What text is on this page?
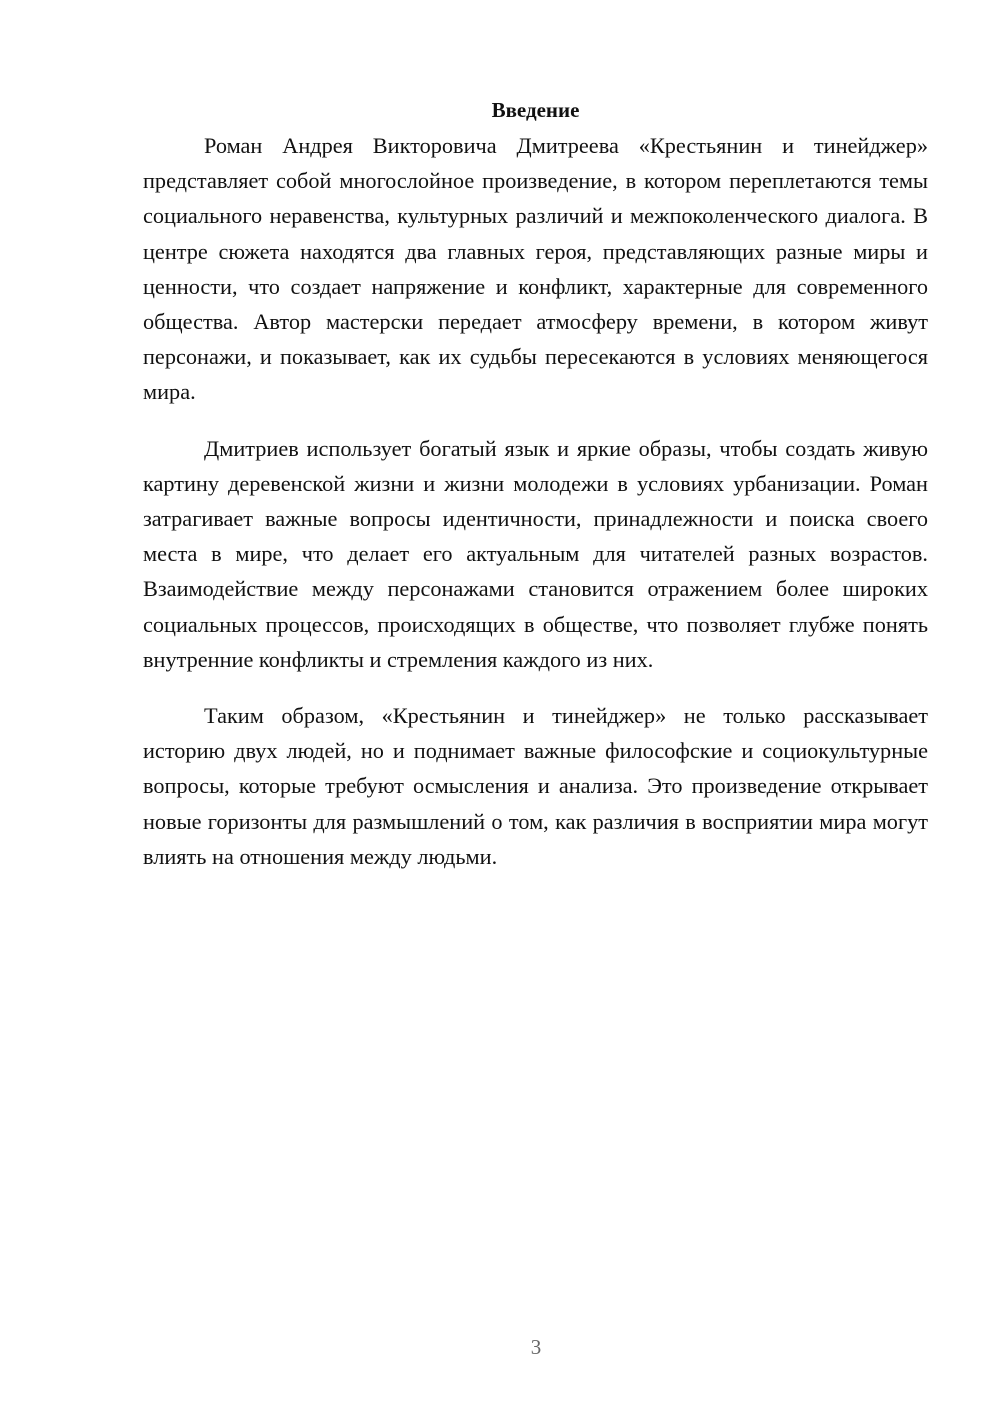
Введение

Роман Андрея Викторовича Дмитреева «Крестьянин и тинейджер» представляет собой многослойное произведение, в котором переплетаются темы социального неравенства, культурных различий и межпоколенческого диалога. В центре сюжета находятся два главных героя, представляющих разные миры и ценности, что создает напряжение и конфликт, характерные для современного общества. Автор мастерски передает атмосферу времени, в котором живут персонажи, и показывает, как их судьбы пересекаются в условиях меняющегося мира.

Дмитриев использует богатый язык и яркие образы, чтобы создать живую картину деревенской жизни и жизни молодежи в условиях урбанизации. Роман затрагивает важные вопросы идентичности, принадлежности и поиска своего места в мире, что делает его актуальным для читателей разных возрастов. Взаимодействие между персонажами становится отражением более широких социальных процессов, происходящих в обществе, что позволяет глубже понять внутренние конфликты и стремления каждого из них.

Таким образом, «Крестьянин и тинейджер» не только рассказывает историю двух людей, но и поднимает важные философские и социокультурные вопросы, которые требуют осмысления и анализа. Это произведение открывает новые горизонты для размышлений о том, как различия в восприятии мира могут влиять на отношения между людьми.

3
